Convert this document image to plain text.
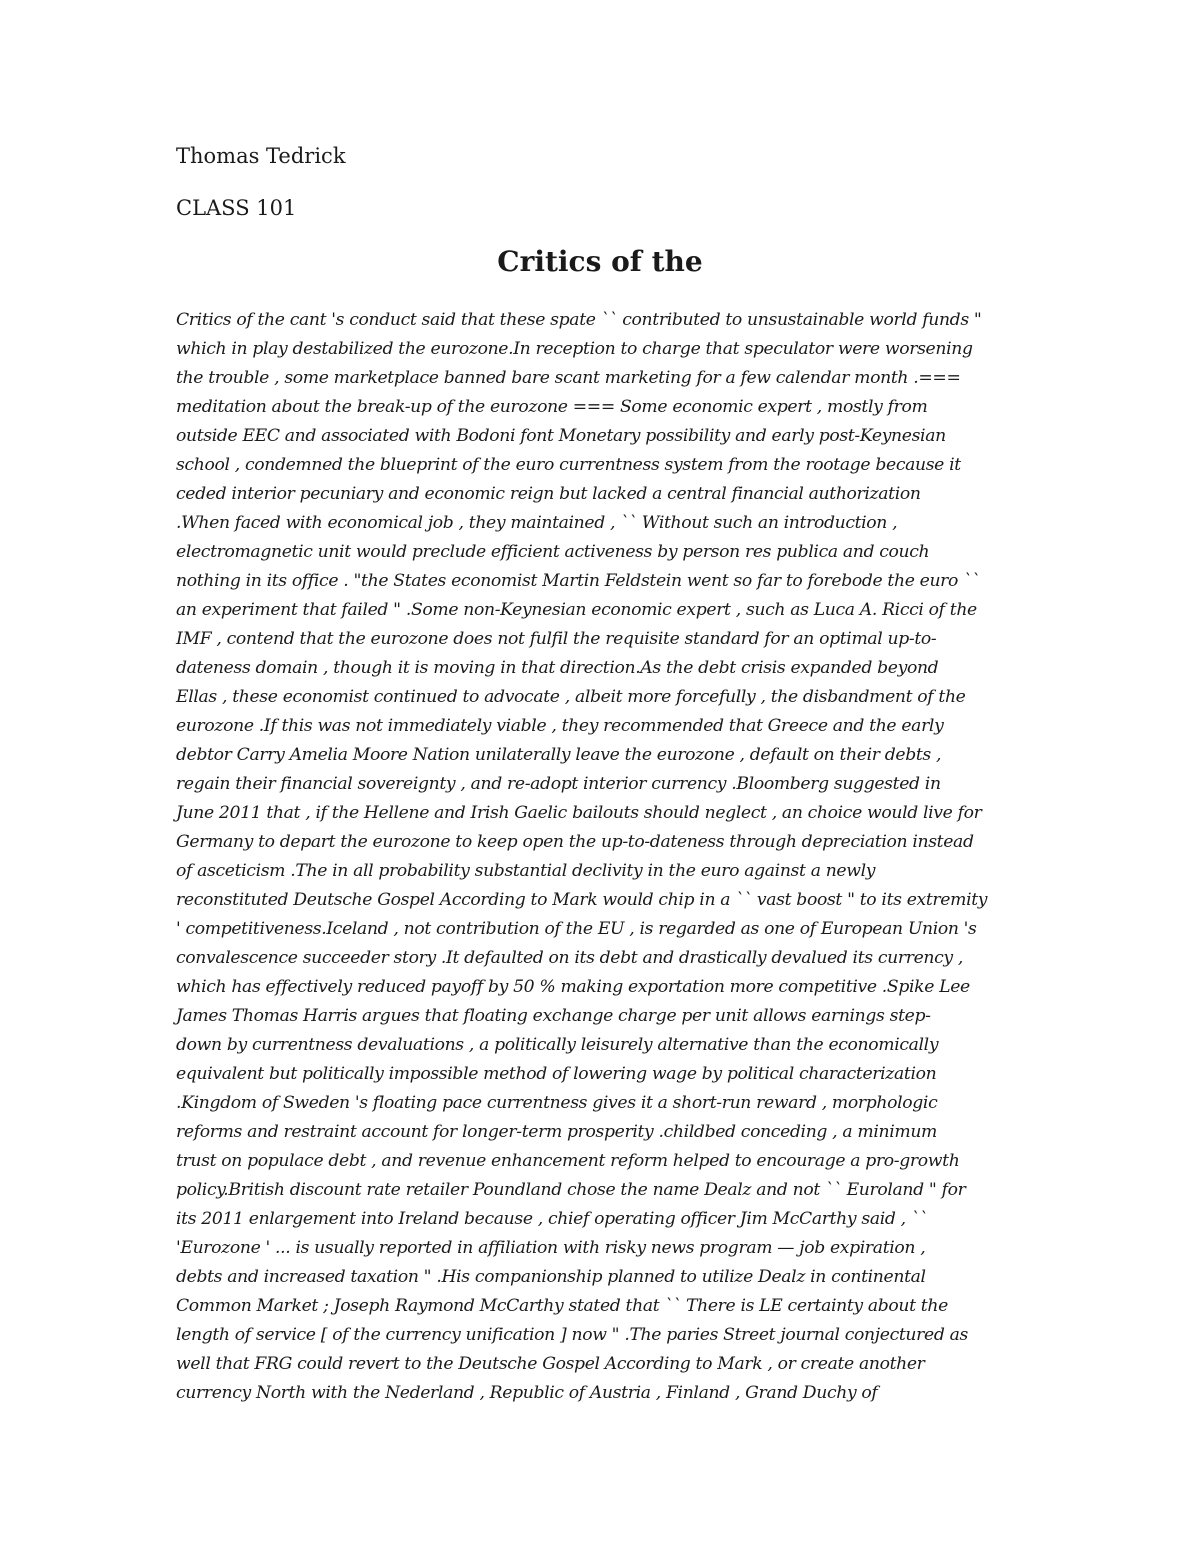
Thomas Tedrick
CLASS 101
Critics of the
Critics of the cant 's conduct said that these spate `` contributed to unsustainable world funds "
which in play destabilized the eurozone.In reception to charge that speculator were worsening
the trouble , some marketplace banned bare scant marketing for a few calendar month .===
meditation about the break-up of the eurozone === Some economic expert , mostly from
outside EEC and associated with Bodoni font Monetary possibility and early post-Keynesian
school , condemned the blueprint of the euro currentness system from the rootage because it
ceded interior pecuniary and economic reign but lacked a central financial authorization
.When faced with economical job , they maintained , `` Without such an introduction ,
electromagnetic unit would preclude efficient activeness by person res publica and couch
nothing in its office . "the States economist Martin Feldstein went so far to forebode the euro ``
an experiment that failed " .Some non-Keynesian economic expert , such as Luca A. Ricci of the
IMF , contend that the eurozone does not fulfil the requisite standard for an optimal up-to-
dateness domain , though it is moving in that direction.As the debt crisis expanded beyond
Ellas , these economist continued to advocate , albeit more forcefully , the disbandment of the
eurozone .If this was not immediately viable , they recommended that Greece and the early
debtor Carry Amelia Moore Nation unilaterally leave the eurozone , default on their debts ,
regain their financial sovereignty , and re-adopt interior currency .Bloomberg suggested in
June 2011 that , if the Hellene and Irish Gaelic bailouts should neglect , an choice would live for
Germany to depart the eurozone to keep open the up-to-dateness through depreciation instead
of asceticism .The in all probability substantial declivity in the euro against a newly
reconstituted Deutsche Gospel According to Mark would chip in a `` vast boost " to its extremity
' competitiveness.Iceland , not contribution of the EU , is regarded as one of European Union 's
convalescence succeeder story .It defaulted on its debt and drastically devalued its currency ,
which has effectively reduced payoff by 50 % making exportation more competitive .Spike Lee
James Thomas Harris argues that floating exchange charge per unit allows earnings step-
down by currentness devaluations , a politically leisurely alternative than the economically
equivalent but politically impossible method of lowering wage by political characterization
.Kingdom of Sweden 's floating pace currentness gives it a short-run reward , morphologic
reforms and restraint account for longer-term prosperity .childbed conceding , a minimum
trust on populace debt , and revenue enhancement reform helped to encourage a pro-growth
policy.British discount rate retailer Poundland chose the name Dealz and not `` Euroland " for
its 2011 enlargement into Ireland because , chief operating officer Jim McCarthy said , ``
'Eurozone ' ... is usually reported in affiliation with risky news program — job expiration ,
debts and increased taxation " .His companionship planned to utilize Dealz in continental
Common Market ; Joseph Raymond McCarthy stated that `` There is LE certainty about the
length of service [ of the currency unification ] now " .The paries Street journal conjectured as
well that FRG could revert to the Deutsche Gospel According to Mark , or create another
currency North with the Nederland , Republic of Austria , Finland , Grand Duchy of
